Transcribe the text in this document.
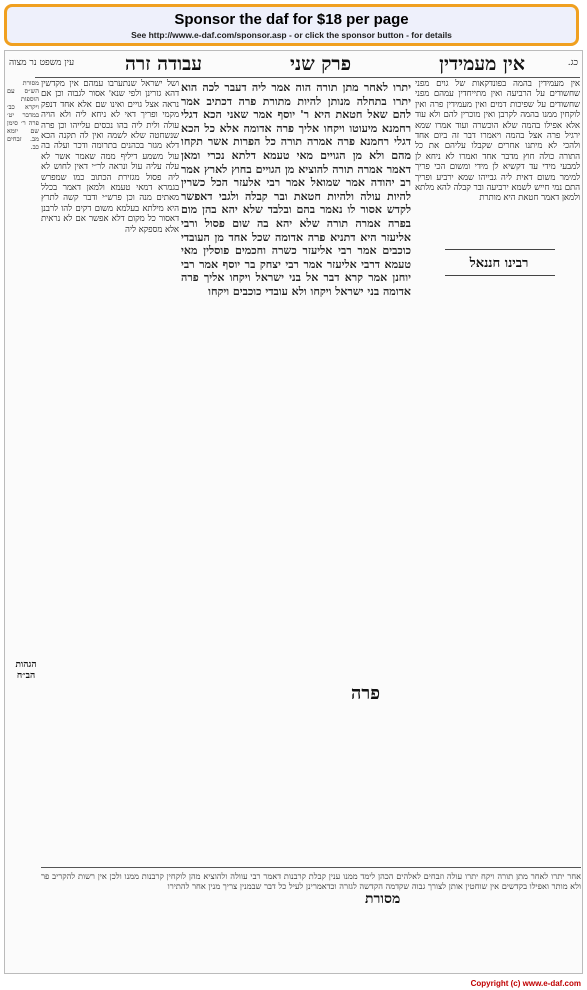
Sponsor the daf for $18 per page
See http://www.e-daf.com/sponsor.asp - or click the sponsor button - for details
עין משפט נר מצוה	כג.
אין מעמידין
פרק שני
עבודה זרה
אין מעמידין בהמה בפונדקאות של גוים מפני שחשודים על הרביעה ואין מתייחדין עמהם מפני שחשודים על שפיכות דמים ואין מעמידין פרה ואין לוקחין ממנו בהמה לקרבן ואין מוכרין להם ולא עוד אלא אפילו בהמה שלא הוכשרה ועוד אמרו שמא ירגיל פרה אצל בהמה ויאמרו דבר זה ביום אחד ולהכי לא מיתנו אחרים שקבלו עליהם את כל התורה כולה חוץ מדבר אחד ואמרו לא ניחא לן למבעי מידי עד דקשיא לן מידי ומשום הכי פריך למימר משום דאית ליה גבייהו שמא ירביע ופריך התם נמי חייש לשמא ירביעה ובר קבלה להא מלתא ולמאן דאמר חטאת היא מותרת
רבינו חננאל
יתרו לאחר מתן תורה הוה אמר ליה דעבר לכה הוא יתרו בתחלה מנותן להיות מתורת פרה דכתיב אמר להם שאל חטאת היא ר' יוסף אמר שאני הכא דגלי רחמנא מיעוטו ויקחו אליך פרה אדומה אלא כל הכא דגלי רחמנא פרה אמרה תורה כל הפרות אשר תקחו מהם ולא מן הגויים מאי טעמא דלתא נכרי ומאן דאמר אמרה תורה להוציא מן הגויים בחוץ לארץ אמר רב יהודה אמר שמואל אמר רבי אלעזר הכל כשרין להיות עולה ולהיות חטאת ובר קבלה ולגבי דאפשר לקדש אסור לו נאמר בהם ובלבד שלא יהא בהן מום בפרה אמרה תורה שלא יהא בה שום פסול ורבי אליעזר היא דתניא פרה אדומה שכל אחד מן העובדי כוכבים אמר רבי אליעזר כשרה וחכמים פוסלין מאי טעמא דרבי אליעזר אמר רבי יצחק בר יוסף אמר רבי יוחנן אמר קרא דבר אל בני ישראל ויקחו אליך פרה אדומה בני ישראל ויקחו ולא עובדי כוכבים ויקחו
פרה
מסורת
ושל ישראל שנתערבו עמהם אין מקדשין דהא גזרינן ולפי שנא' אסור לגבוה וכן אם נראה אצל גויים ואינו שם אלא אחד דנפק מקמי ופריך דאי לא ניחא ליה ולא הויה עולה ולית ליה בהו נכסים עלייהו וכן פרה שנשחטה שלא לשמה ואין לה תקנה הכא דלא מגזר בכהנים בתרומה ודכר ועלה בה עול משמע דיליף ממה שאמר אשר לא עלה עליה עול ונראה לר״י דאין לחוש לא ליה פסול מגזירת הכתוב כמו שמפרש בגמרא דמאי טעמא ולמאן דאמר בכלל מאתים מנה וכן פרש״י ודבר קשה לתרץ היא מילתא בעלמא משום דקים להו לרבנן דאסור כל מקום דלא אפשר אם לא נראית אלא מספקא ליה
מסורת הש״ס עם הוספות ויקרא כב׳ במדבר יט׳ פרה ר׳ סימן שם יומא מב. זבחים כב.
הגהות הב״ח
אחר יתרו לאחר מתן תורה ויקח יתרו עולה וזבחים לאלהים הכהן לימד ממנו ענין קבלת קרבנות דאמר רבי עוולה ולהוציא מהן לוקחין קרבנות ממנו ולכן אין רשות להקריב פר ולא מותר ואפילו בקדשים אין שוחטין אותן לצורך גבוה שקדמה הקדשה לגזרה וכדאמרינן לעיל כל דבר שבמנין צריך מנין אחר להתירו
Copyright (c) www.e-daf.com
